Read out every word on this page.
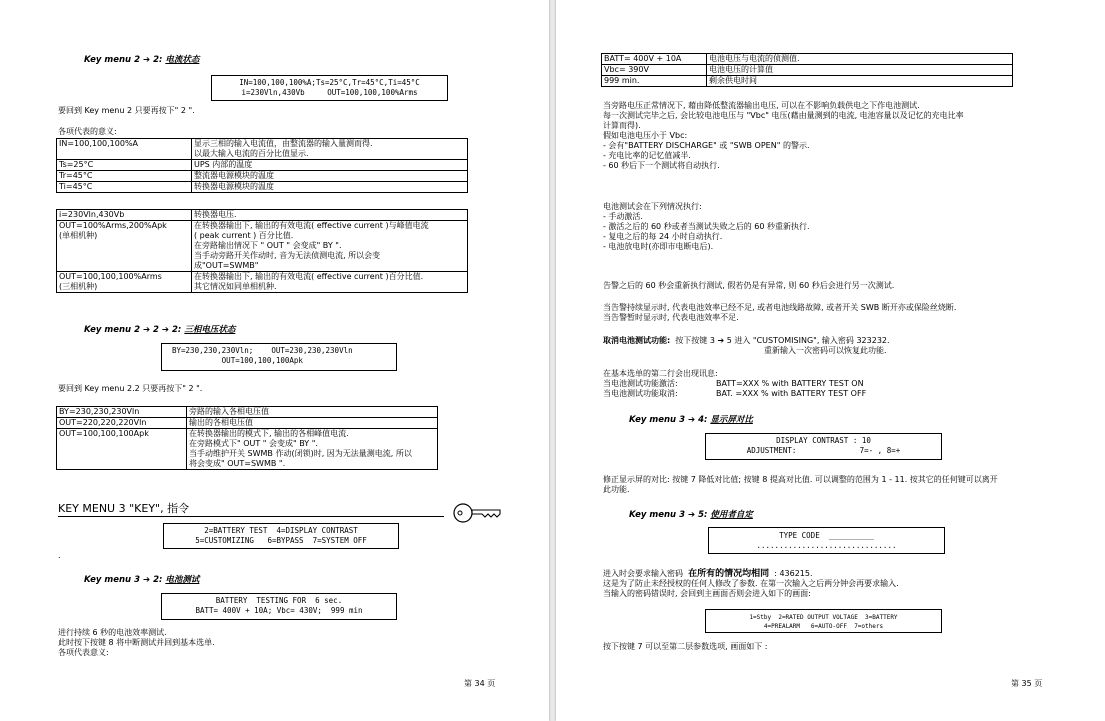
Key menu 2 ➔ 2: 电流状态
IN=100,100,100%A;Ts=25°C,Tr=45°C,Ti=45°C
i=230Vln,430Vb     OUT=100,100,100%Arms
要回到 Key menu 2 只要再按下" 2 ".
各项代表的意义:
IN=100,100,100%A	显示三相的输入电流值，由整流器的输入量测而得.
以最大输入电流的百分比值显示.
Ts=25°C	UPS 内部的温度
Tr=45°C	整流器电源模块的温度
Ti=45°C	转换器电源模块的温度
i=230Vln,430Vb	转换器电压.
OUT=100%Arms,200%Apk
(单相机种)	在转换器输出下, 输出的有效电流( effective current )与峰值电流
( peak current ) 百分比值.
在旁路输出情况下 " OUT " 会变成" BY ".
当手动旁路开关作动时, 音为无法侦测电流, 所以会变
成"OUT=SWMB"
OUT=100,100,100%Arms
(三相机种)	在转换器输出下, 输出的有效电流( effective current )百分比值.
其它情况如同单相机种.
Key menu 2 ➔ 2 ➔ 2: 三相电压状态
BY=230,230,230Vln;    OUT=230,230,230Vln
OUT=100,100,100Apk
要回到 Key menu 2.2 只要再按下" 2 ".
BY=230,230,230Vln	旁路的输入各相电压值
OUT=220,220,220Vln	输出的各相电压值
OUT=100,100,100Apk	在转换器输出的模式下, 输出的各相峰值电流.
在旁路模式下" OUT " 会变成" BY ".
当手动维护开关 SWMB 作动(闭锁)时, 因为无法量测电流, 所以
将会变成" OUT=SWMB ".
KEY MENU 3 "KEY", 指令
2=BATTERY TEST  4=DISPLAY CONTRAST
5=CUSTOMIZING   6=BYPASS  7=SYSTEM OFF
.
Key menu 3 ➔ 2: 电池测试
BATTERY  TESTING FOR  6 sec.
BATT= 400V + 10A; Vbc= 430V;  999 min
进行持续 6 秒的电池效率测试.
此时按下按键 8 将中断测试并回到基本选单.
各项代表意义:
第 34 页
BATT= 400V + 10A	电池电压与电流的侦测值.
Vbc= 390V	电池电压的计算值
999 min.	剩余供电时间
当旁路电压正常情况下, 藉由降低整流器输出电压, 可以在不影响负载供电之下作电池测试.
每一次测试完毕之后, 会比较电池电压与 "Vbc" 电压(藉由量测到的电流, 电池容量以及记忆的充电比率
计算而得).
假如电池电压小于 Vbc:
- 会有"BATTERY DISCHARGE" 或 "SWB OPEN" 的警示.
- 充电比率的记忆值减半.
- 60 秒后下一个测试将自动执行.
电池测试会在下列情况执行:
- 手动激活.
- 激活之后的 60 秒或者当测试失败之后的 60 秒重新执行.
- 复电之后的每 24 小时自动执行.
- 电池放电时(亦即市电断电后).
告警之后的 60 秒会重新执行测试, 假若仍是有异常, 则 60 秒后会进行另一次测试.
当告警持续显示时, 代表电池效率已经不足, 或者电池线路故障, 或者开关 SWB 断开亦或保险丝烧断.
当告警暂时显示时, 代表电池效率不足.
取消电池测试功能: 按下按键 3 ➔ 5 进入 "CUSTOMISING", 输入密码 323232.
重新输入一次密码可以恢复此功能.
在基本选单的第二行会出现讯息:
当电池测试功能激活:	BATT=XXX % with BATTERY TEST ON
当电池测试功能取消:	BAT. =XXX % with BATTERY TEST OFF
Key menu 3 ➔ 4: 显示屏对比
DISPLAY CONTRAST : 10
ADJUSTMENT:              7=- , 8=+
修正显示屏的对比: 按键 7 降低对比值; 按键 8 提高对比值. 可以调整的范围为 1 - 11. 按其它的任何键可以离开
此功能.
Key menu 3 ➔ 5: 使用者自定
TYPE CODE  __________
...............................
进入时会要求输入密码 在所有的情况均相同 : 436215.
这是为了防止未经授权的任何人修改了参数. 在第一次输入之后两分钟会再要求输入.
当输入的密码错误时, 会回到主画面否则会进入如下的画面:
1=Stby  2=RATED OUTPUT VOLTAGE  3=BATTERY
4=PREALARM   6=AUTO-OFF  7=others
按下按键 7 可以至第二层参数选项, 画面如下 :
第 35 页
